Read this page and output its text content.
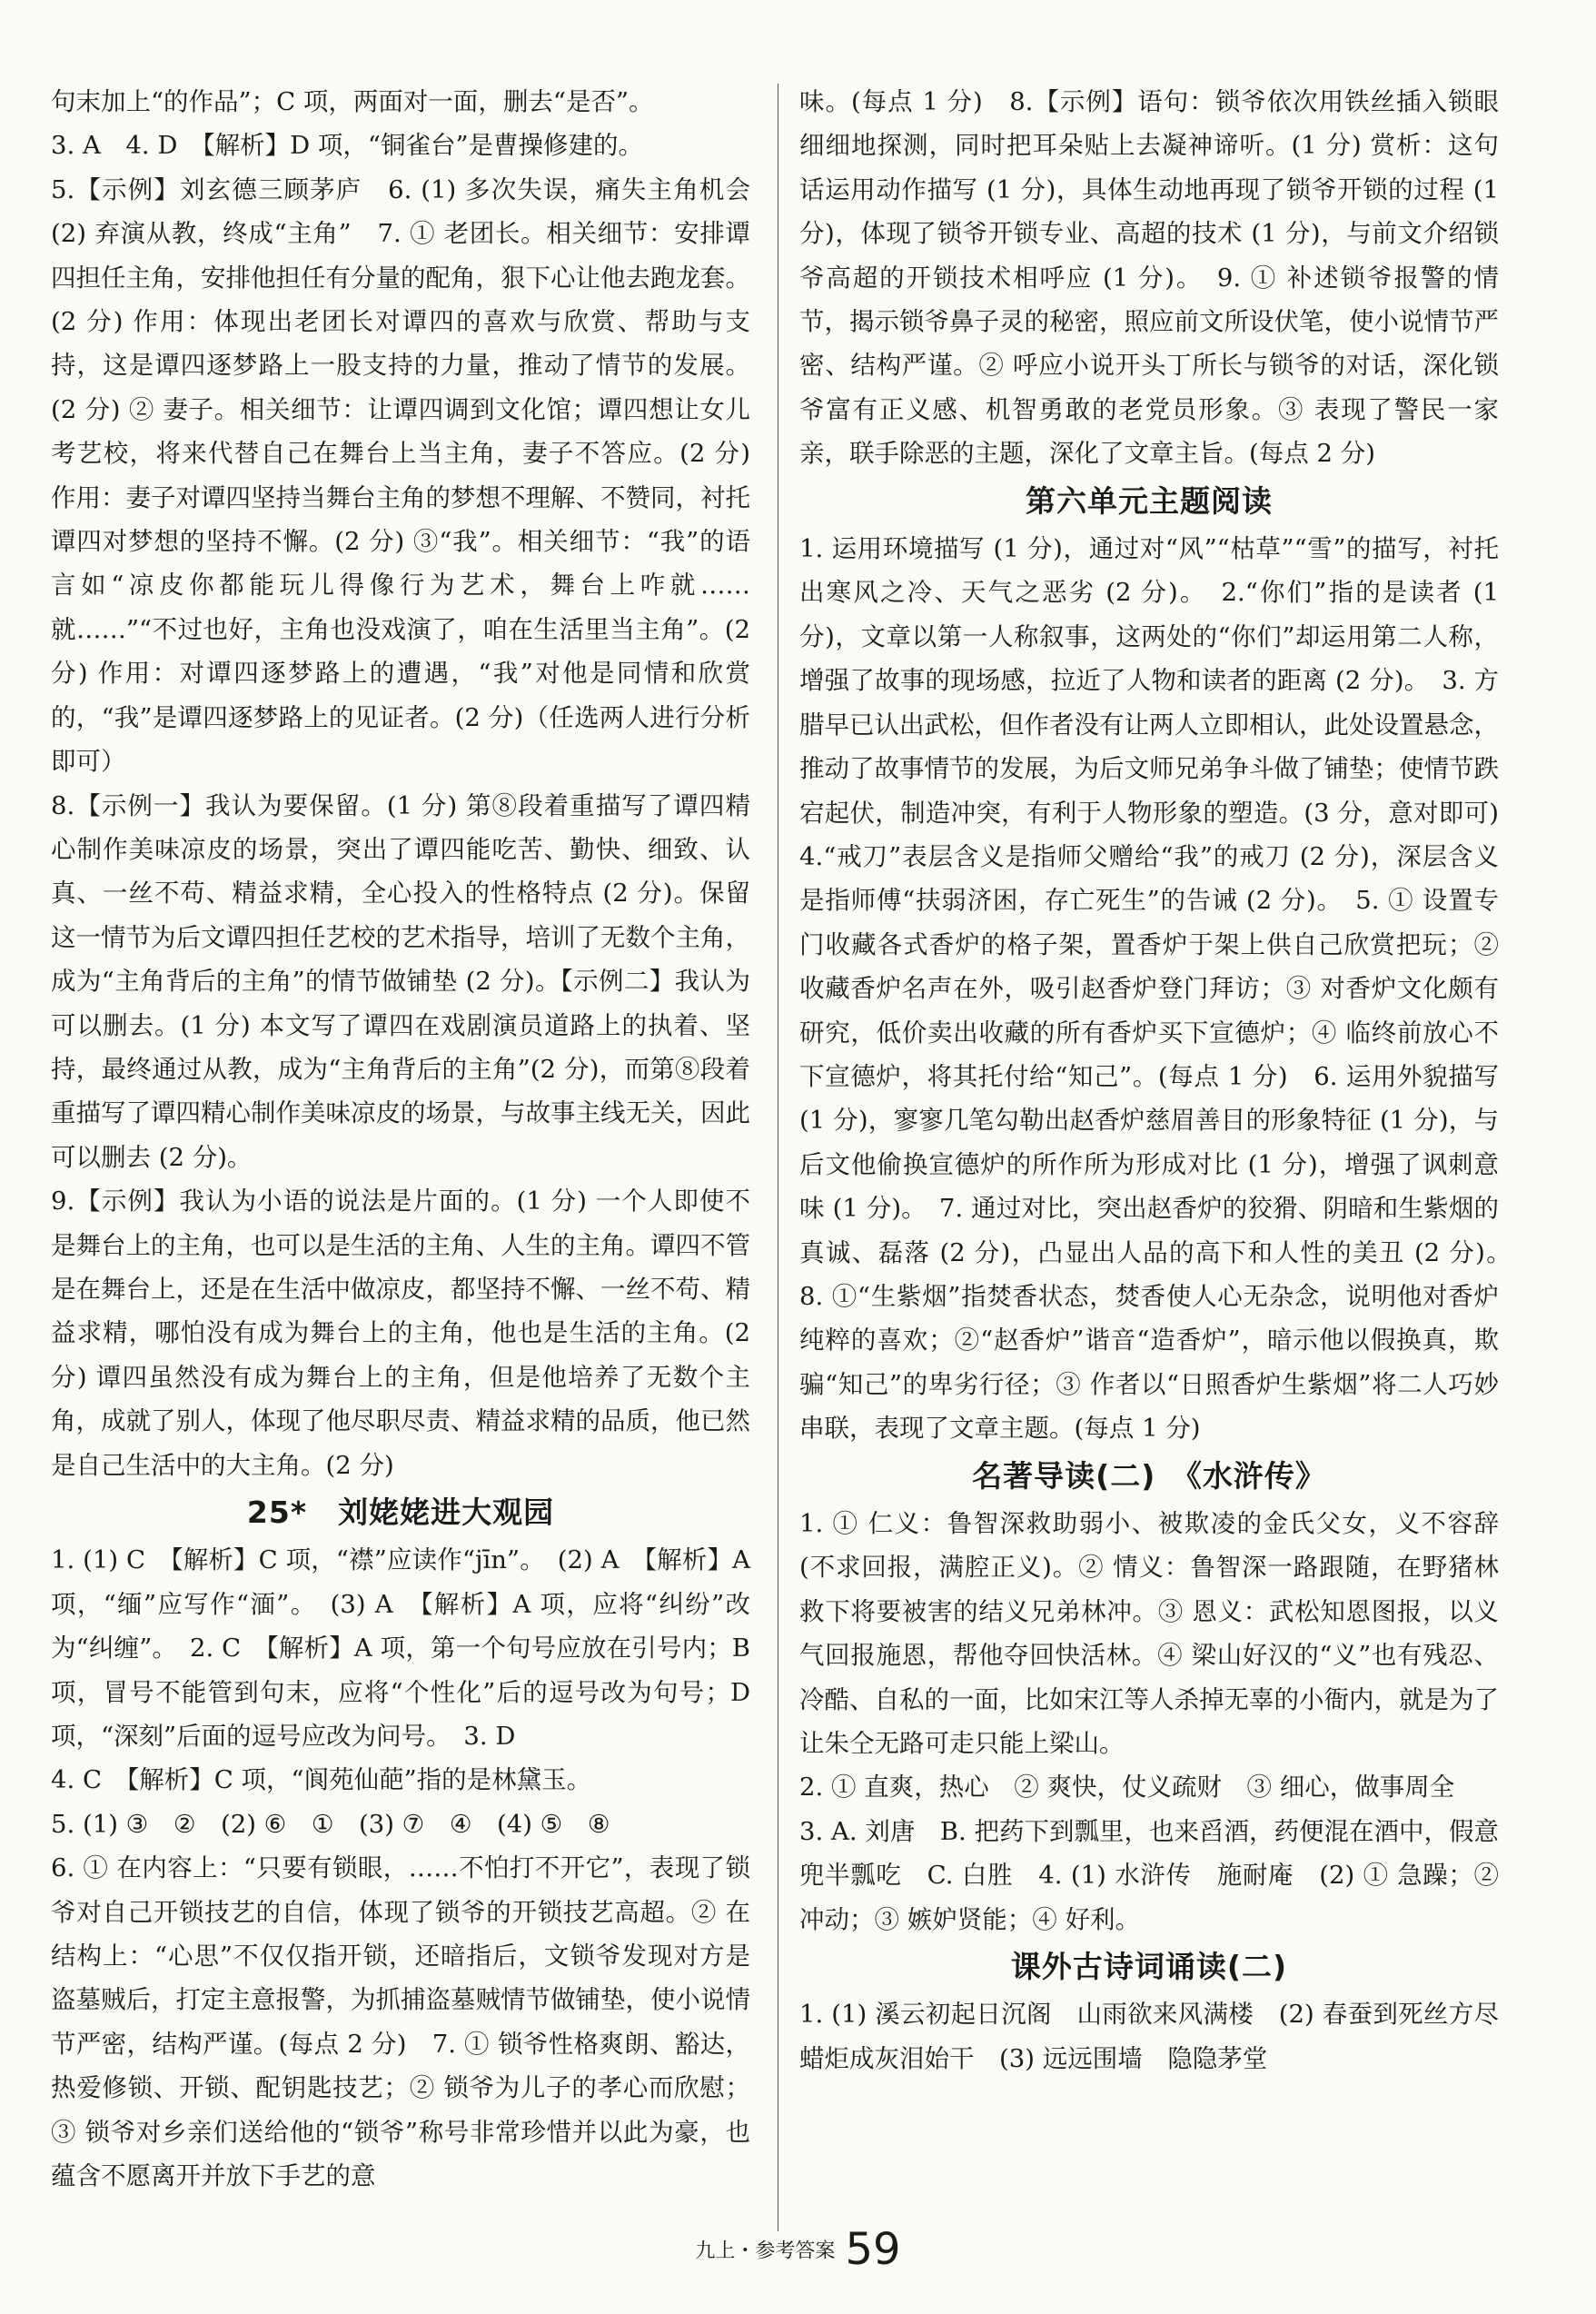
句末加上“的作品”；C 项，两面对一面，删去“是否”。

3. A　4. D　【解析】D 项，“铜雀台”是曹操修建的。

5.【示例】刘玄德三顾茅庐　6. (1) 多次失误，痛失主角机会　(2) 弃演从教，终成“主角”　7. ① 老团长。相关细节：安排谭四担任主角，安排他担任有分量的配角，狠下心让他去跑龙套。(2 分) 作用：体现出老团长对谭四的喜欢与欣赏、帮助与支持，这是谭四逐梦路上一股支持的力量，推动了情节的发展。(2 分) ② 妻子。相关细节：让谭四调到文化馆；谭四想让女儿考艺校，将来代替自己在舞台上当主角，妻子不答应。(2 分) 作用：妻子对谭四坚持当舞台主角的梦想不理解、不赞同，衬托谭四对梦想的坚持不懈。(2 分) ③“我”。相关细节：“我”的语言如“凉皮你都能玩儿得像行为艺术，舞台上咋就……就……”“不过也好，主角也没戏演了，咱在生活里当主角”。(2 分) 作用：对谭四逐梦路上的遭遇，“我”对他是同情和欣赏的，“我”是谭四逐梦路上的见证者。(2 分)（任选两人进行分析即可）

8.【示例一】我认为要保留。(1 分) 第⑧段着重描写了谭四精心制作美味凉皮的场景，突出了谭四能吃苦、勤快、细致、认真、一丝不苟、精益求精，全心投入的性格特点 (2 分)。保留这一情节为后文谭四担任艺校的艺术指导，培训了无数个主角，成为“主角背后的主角”的情节做铺垫 (2 分)。【示例二】我认为可以删去。(1 分) 本文写了谭四在戏剧演员道路上的执着、坚持，最终通过从教，成为“主角背后的主角”(2 分)，而第⑧段着重描写了谭四精心制作美味凉皮的场景，与故事主线无关，因此可以删去 (2 分)。

9.【示例】我认为小语的说法是片面的。(1 分) 一个人即使不是舞台上的主角，也可以是生活的主角、人生的主角。谭四不管是在舞台上，还是在生活中做凉皮，都坚持不懈、一丝不苟、精益求精，哪怕没有成为舞台上的主角，他也是生活的主角。(2 分) 谭四虽然没有成为舞台上的主角，但是他培养了无数个主角，成就了别人，体现了他尽职尽责、精益求精的品质，他已然是自己生活中的大主角。(2 分)

25*　刘姥姥进大观园

1. (1) C　【解析】C 项，“襟”应读作“jīn”。　(2) A　【解析】A 项，“缅”应写作“湎”。　(3) A　【解析】A 项，应将“纠纷”改为“纠缠”。　2. C　【解析】A 项，第一个句号应放在引号内；B 项，冒号不能管到句末，应将“个性化”后的逗号改为句号；D 项，“深刻”后面的逗号应改为问号。　3. D

4. C　【解析】C 项，“阆苑仙葩”指的是林黛玉。

5. (1) ③　②　(2) ⑥　①　(3) ⑦　④　(4) ⑤　⑧

6. ① 在内容上：“只要有锁眼，……不怕打不开它”，表现了锁爷对自己开锁技艺的自信，体现了锁爷的开锁技艺高超。② 在结构上：“心思”不仅仅指开锁，还暗指后，文锁爷发现对方是盗墓贼后，打定主意报警，为抓捕盗墓贼情节做铺垫，使小说情节严密，结构严谨。(每点 2 分)　7. ① 锁爷性格爽朗、豁达，热爱修锁、开锁、配钥匙技艺；② 锁爷为儿子的孝心而欣慰；③ 锁爷对乡亲们送给他的“锁爷”称号非常珍惜并以此为豪，也蕴含不愿离开并放下手艺的意

味。(每点 1 分)　8.【示例】语句：锁爷依次用铁丝插入锁眼细细地探测，同时把耳朵贴上去凝神谛听。(1 分) 赏析：这句话运用动作描写 (1 分)，具体生动地再现了锁爷开锁的过程 (1 分)，体现了锁爷开锁专业、高超的技术 (1 分)，与前文介绍锁爷高超的开锁技术相呼应 (1 分)。　9. ① 补述锁爷报警的情节，揭示锁爷鼻子灵的秘密，照应前文所设伏笔，使小说情节严密、结构严谨。② 呼应小说开头丁所长与锁爷的对话，深化锁爷富有正义感、机智勇敢的老党员形象。③ 表现了警民一家亲，联手除恶的主题，深化了文章主旨。(每点 2 分)

第六单元主题阅读

1. 运用环境描写 (1 分)，通过对“风”“枯草”“雪”的描写，衬托出寒风之冷、天气之恶劣 (2 分)。　2.“你们”指的是读者 (1 分)，文章以第一人称叙事，这两处的“你们”却运用第二人称，增强了故事的现场感，拉近了人物和读者的距离 (2 分)。　3. 方腊早已认出武松，但作者没有让两人立即相认，此处设置悬念，推动了故事情节的发展，为后文师兄弟争斗做了铺垫；使情节跌宕起伏，制造冲突，有利于人物形象的塑造。(3 分，意对即可)　4.“戒刀”表层含义是指师父赠给“我”的戒刀 (2 分)，深层含义是指师傅“扶弱济困，存亡死生”的告诫 (2 分)。　5. ① 设置专门收藏各式香炉的格子架，置香炉于架上供自己欣赏把玩；② 收藏香炉名声在外，吸引赵香炉登门拜访；③ 对香炉文化颇有研究，低价卖出收藏的所有香炉买下宣德炉；④ 临终前放心不下宣德炉，将其托付给“知己”。(每点 1 分)　6. 运用外貌描写 (1 分)，寥寥几笔勾勒出赵香炉慈眉善目的形象特征 (1 分)，与后文他偷换宣德炉的所作所为形成对比 (1 分)，增强了讽刺意味 (1 分)。　7. 通过对比，突出赵香炉的狡猾、阴暗和生紫烟的真诚、磊落 (2 分)，凸显出人品的高下和人性的美丑 (2 分)。　8. ①“生紫烟”指焚香状态，焚香使人心无杂念，说明他对香炉纯粹的喜欢；②“赵香炉”谐音“造香炉”，暗示他以假换真，欺骗“知己”的卑劣行径；③ 作者以“日照香炉生紫烟”将二人巧妙串联，表现了文章主题。(每点 1 分)

名著导读(二)　《水浒传》

1. ① 仁义：鲁智深救助弱小、被欺凌的金氏父女，义不容辞 (不求回报，满腔正义)。② 情义：鲁智深一路跟随，在野猪林救下将要被害的结义兄弟林冲。③ 恩义：武松知恩图报，以义气回报施恩，帮他夺回快活林。④ 梁山好汉的“义”也有残忍、冷酷、自私的一面，比如宋江等人杀掉无辜的小衙内，就是为了让朱仝无路可走只能上梁山。

2. ① 直爽，热心　② 爽快，仗义疏财　③ 细心，做事周全

3. A. 刘唐　B. 把药下到瓢里，也来舀酒，药便混在酒中，假意兜半瓢吃　C. 白胜　4. (1) 水浒传　施耐庵　(2) ① 急躁；② 冲动；③ 嫉妒贤能；④ 好利。

课外古诗词诵读(二)

1. (1) 溪云初起日沉阁　山雨欲来风满楼　(2) 春蚕到死丝方尽　蜡炬成灰泪始干　(3) 远远围墙　隐隐茅堂

九上・参考答案 59
